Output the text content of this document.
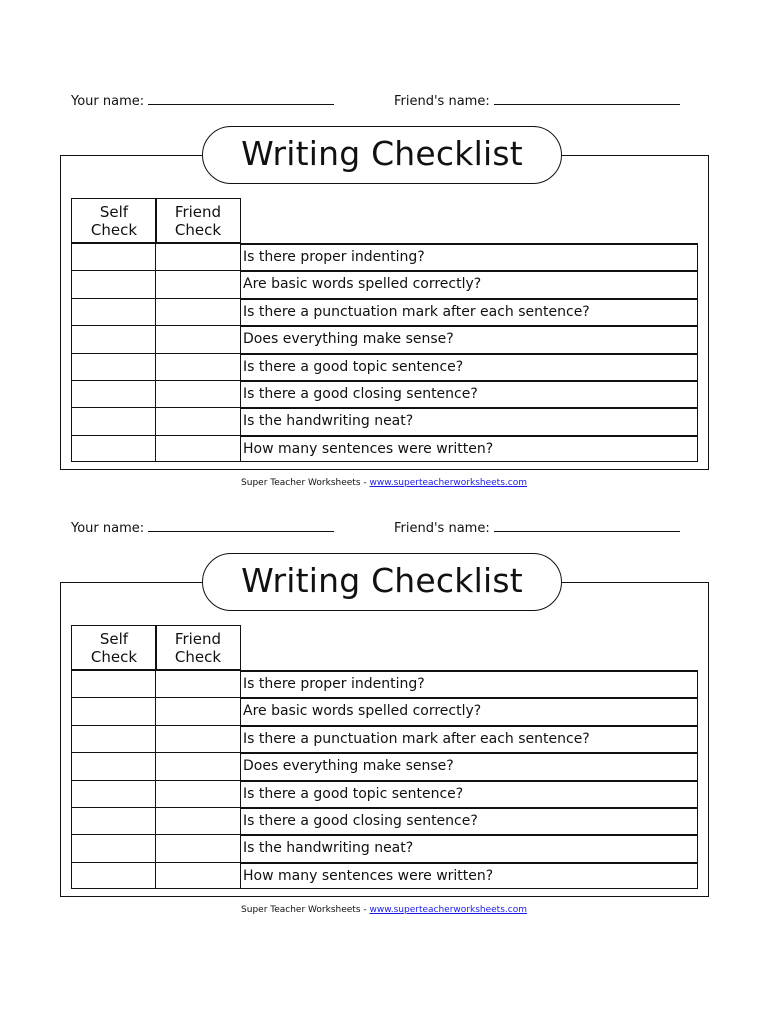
Your name:	Friend's name:
Writing Checklist
Self
Check
Friend
Check
Is there proper indenting?
Are basic words spelled correctly?
Is there a punctuation mark after each sentence?
Does everything make sense?
Is there a good topic sentence?
Is there a good closing sentence?
Is the handwriting neat?
How many sentences were written?
Super Teacher Worksheets - www.superteacherworksheets.com
Your name:	Friend's name:
Writing Checklist
Self
Check
Friend
Check
Is there proper indenting?
Are basic words spelled correctly?
Is there a punctuation mark after each sentence?
Does everything make sense?
Is there a good topic sentence?
Is there a good closing sentence?
Is the handwriting neat?
How many sentences were written?
Super Teacher Worksheets - www.superteacherworksheets.com
